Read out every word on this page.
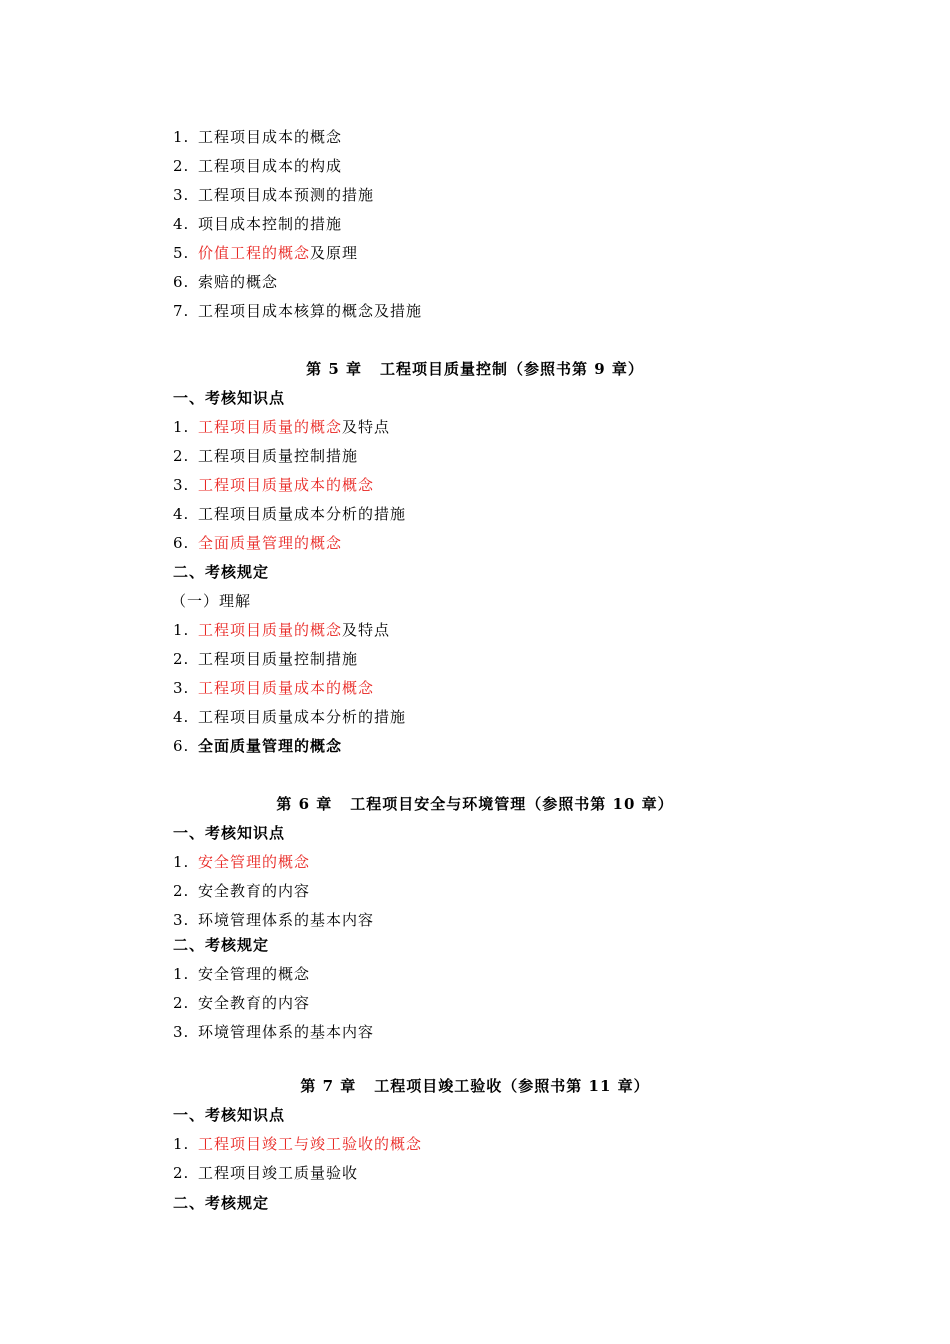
1. 工程项目成本的概念
2. 工程项目成本的构成
3. 工程项目成本预测的措施
4. 项目成本控制的措施
5. 价值工程的概念及原理
6. 索赔的概念
7. 工程项目成本核算的概念及措施
第 5 章 工程项目质量控制（参照书第 9 章）
一、考核知识点
1. 工程项目质量的概念及特点
2. 工程项目质量控制措施
3. 工程项目质量成本的概念
4. 工程项目质量成本分析的措施
6. 全面质量管理的概念
二、考核规定
（一）理解
1. 工程项目质量的概念及特点
2. 工程项目质量控制措施
3. 工程项目质量成本的概念
4. 工程项目质量成本分析的措施
6. 全面质量管理的概念
第 6 章 工程项目安全与环境管理（参照书第 10 章）
一、考核知识点
1. 安全管理的概念
2. 安全教育的内容
3. 环境管理体系的基本内容
二、考核规定
1. 安全管理的概念
2. 安全教育的内容
3. 环境管理体系的基本内容
第 7 章 工程项目竣工验收（参照书第 11 章）
一、考核知识点
1. 工程项目竣工与竣工验收的概念
2. 工程项目竣工质量验收
二、考核规定
